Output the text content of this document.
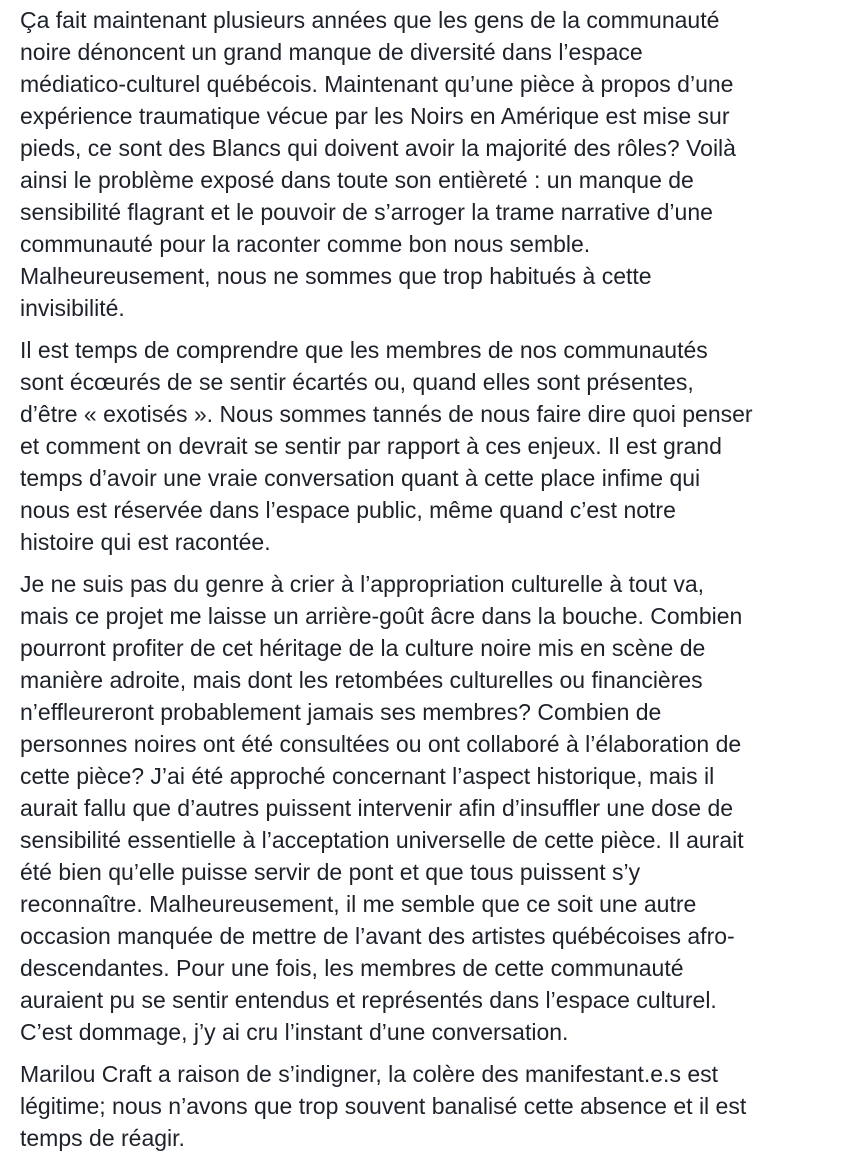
Ça fait maintenant plusieurs années que les gens de la communauté
noire dénoncent un grand manque de diversité dans l’espace
médiatico-culturel québécois. Maintenant qu’une pièce à propos d’une
expérience traumatique vécue par les Noirs en Amérique est mise sur
pieds, ce sont des Blancs qui doivent avoir la majorité des rôles? Voilà
ainsi le problème exposé dans toute son entièreté : un manque de
sensibilité flagrant et le pouvoir de s’arroger la trame narrative d’une
communauté pour la raconter comme bon nous semble.
Malheureusement, nous ne sommes que trop habitués à cette
invisibilité.

Il est temps de comprendre que les membres de nos communautés
sont écœurés de se sentir écartés ou, quand elles sont présentes,
d’être « exotisés ». Nous sommes tannés de nous faire dire quoi penser
et comment on devrait se sentir par rapport à ces enjeux. Il est grand
temps d’avoir une vraie conversation quant à cette place infime qui
nous est réservée dans l’espace public, même quand c’est notre
histoire qui est racontée.

Je ne suis pas du genre à crier à l’appropriation culturelle à tout va,
mais ce projet me laisse un arrière-goût âcre dans la bouche. Combien
pourront profiter de cet héritage de la culture noire mis en scène de
manière adroite, mais dont les retombées culturelles ou financières
n’effleureront probablement jamais ses membres? Combien de
personnes noires ont été consultées ou ont collaboré à l’élaboration de
cette pièce? J’ai été approché concernant l’aspect historique, mais il
aurait fallu que d’autres puissent intervenir afin d’insuffler une dose de
sensibilité essentielle à l’acceptation universelle de cette pièce. Il aurait
été bien qu’elle puisse servir de pont et que tous puissent s’y
reconnaître. Malheureusement, il me semble que ce soit une autre
occasion manquée de mettre de l’avant des artistes québécoises afro-
descendantes. Pour une fois, les membres de cette communauté
auraient pu se sentir entendus et représentés dans l’espace culturel.
C’est dommage, j’y ai cru l’instant d’une conversation.

Marilou Craft a raison de s’indigner, la colère des manifestant.e.s est
légitime; nous n’avons que trop souvent banalisé cette absence et il est
temps de réagir.
